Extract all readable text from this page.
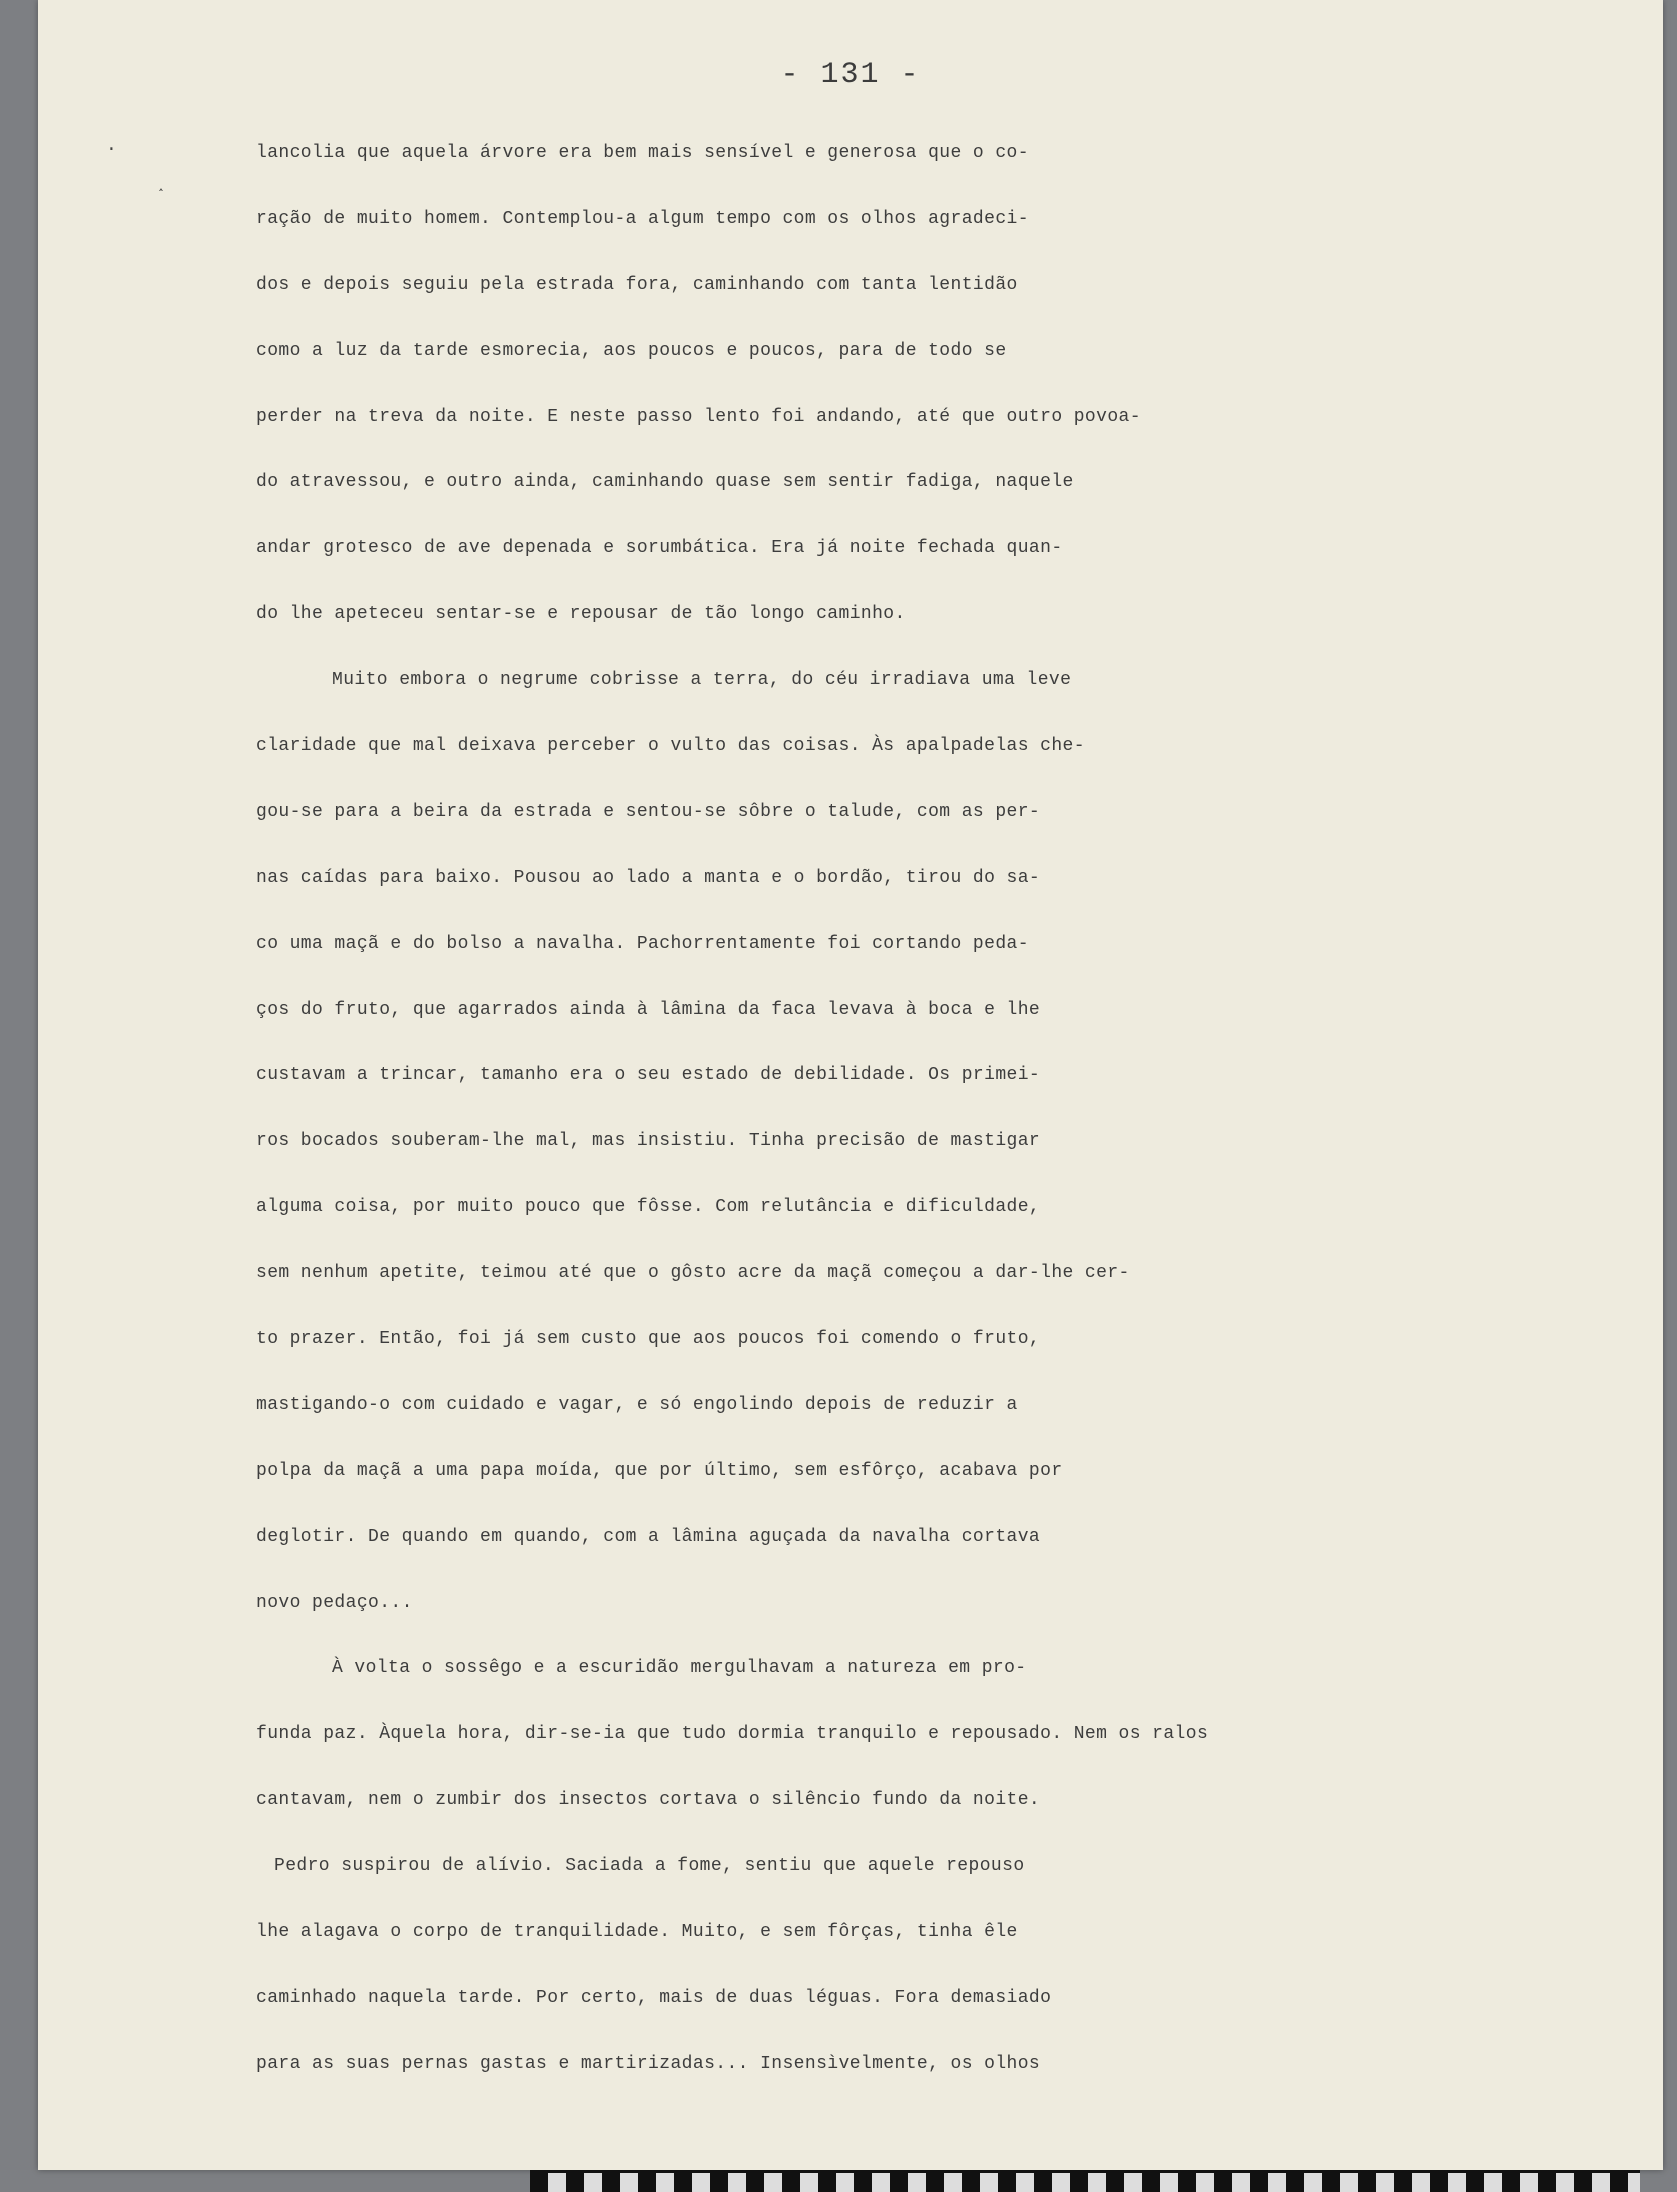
- 131 -
lancolia que aquela árvore era bem mais sensível e generosa que o co-
ração de muito homem. Contemplou-a algum tempo com os olhos agradeci-
dos e depois seguiu pela estrada fora, caminhando com tanta lentidão
como a luz da tarde esmorecia, aos poucos e poucos, para de todo se
perder na treva da noite. E neste passo lento foi andando, até que outro povoa-
do atravessou, e outro ainda, caminhando quase sem sentir fadiga, naquele
andar grotesco de ave depenada e sorumbática. Era já noite fechada quan-
do lhe apeteceu sentar-se e repousar de tão longo caminho.
Muito embora o negrume cobrisse a terra, do céu irradiava uma leve
claridade que mal deixava perceber o vulto das coisas. Às apalpadelas che-
gou-se para a beira da estrada e sentou-se sôbre o talude, com as per-
nas caídas para baixo. Pousou ao lado a manta e o bordão, tirou do sa-
co uma maçã e do bolso a navalha. Pachorrentamente foi cortando peda-
ços do fruto, que agarrados ainda à lâmina da faca levava à boca e lhe
custavam a trincar, tamanho era o seu estado de debilidade. Os primei-
ros bocados souberam-lhe mal, mas insistiu. Tinha precisão de mastigar
alguma coisa, por muito pouco que fôsse. Com relutância e dificuldade,
sem nenhum apetite, teimou até que o gôsto acre da maçã começou a dar-lhe cer-
to prazer. Então, foi já sem custo que aos poucos foi comendo o fruto,
mastigando-o com cuidado e vagar, e só engolindo depois de reduzir a
polpa da maçã a uma papa moída, que por último, sem esfôrço, acabava por
deglotir. De quando em quando, com a lâmina aguçada da navalha cortava
novo pedaço...
À volta o sossêgo e a escuridão mergulhavam a natureza em pro-
funda paz. Àquela hora, dir-se-ia que tudo dormia tranquilo e repousado. Nem os ralos
cantavam, nem o zumbir dos insectos cortava o silêncio fundo da noite.
Pedro suspirou de alívio. Saciada a fome, sentiu que aquele repouso
lhe alagava o corpo de tranquilidade. Muito, e sem fôrças, tinha êle
caminhado naquela tarde. Por certo, mais de duas léguas. Fora demasiado
para as suas pernas gastas e martirizadas... Insensìvelmente, os olhos
·
˰
